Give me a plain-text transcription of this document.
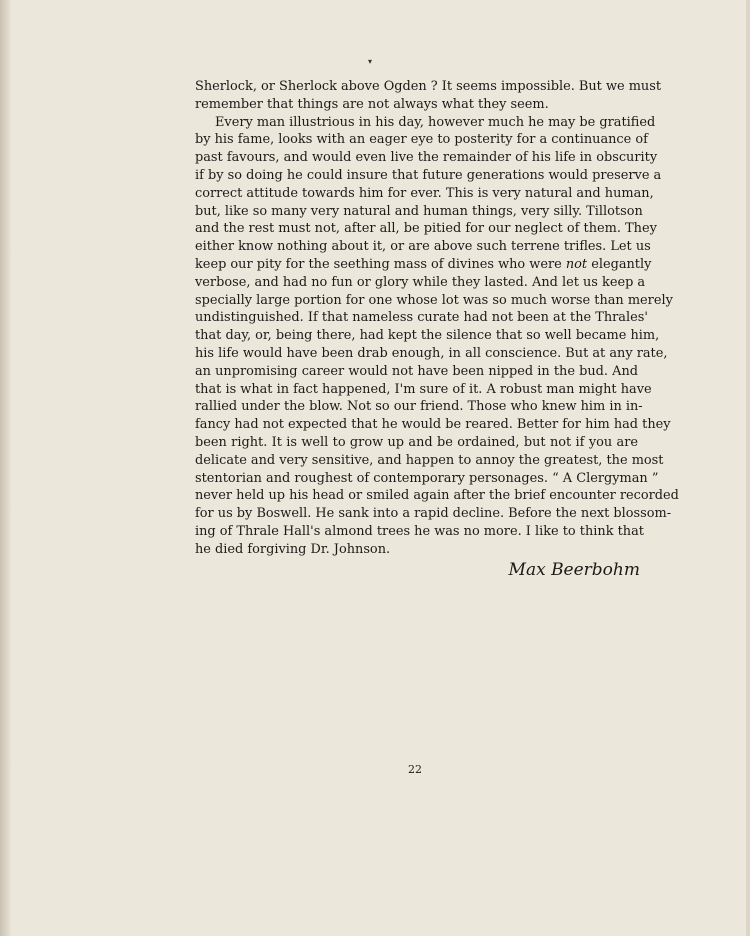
▾

Sherlock, or Sherlock above Ogden ? It seems impossible. But we must
remember that things are not always what they seem.

Every man illustrious in his day, however much he may be gratified
by his fame, looks with an eager eye to posterity for a continuance of
past favours, and would even live the remainder of his life in obscurity
if by so doing he could insure that future generations would preserve a
correct attitude towards him for ever. This is very natural and human,
but, like so many very natural and human things, very silly. Tillotson
and the rest must not, after all, be pitied for our neglect of them. They
either know nothing about it, or are above such terrene trifles. Let us
keep our pity for the seething mass of divines who were not elegantly
verbose, and had no fun or glory while they lasted. And let us keep a
specially large portion for one whose lot was so much worse than merely
undistinguished. If that nameless curate had not been at the Thrales'
that day, or, being there, had kept the silence that so well became him,
his life would have been drab enough, in all conscience. But at any rate,
an unpromising career would not have been nipped in the bud. And
that is what in fact happened, I'm sure of it. A robust man might have
rallied under the blow. Not so our friend. Those who knew him in in-
fancy had not expected that he would be reared. Better for him had they
been right. It is well to grow up and be ordained, but not if you are
delicate and very sensitive, and happen to annoy the greatest, the most
stentorian and roughest of contemporary personages. “ A Clergyman ”
never held up his head or smiled again after the brief encounter recorded
for us by Boswell. He sank into a rapid decline. Before the next blossom-
ing of Thrale Hall's almond trees he was no more. I like to think that
he died forgiving Dr. Johnson.

Max Beerbohm
22
